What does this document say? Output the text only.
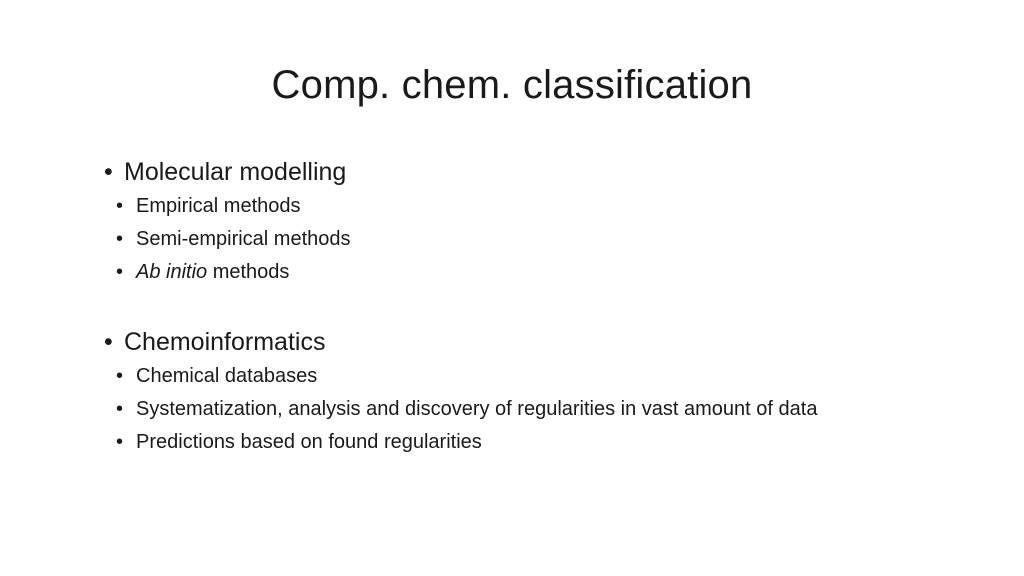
Comp. chem. classification
• Molecular modelling
• Empirical methods
• Semi-empirical methods
• Ab initio methods
• Chemoinformatics
• Chemical databases
• Systematization, analysis and discovery of regularities in vast amount of data
• Predictions based on found regularities
